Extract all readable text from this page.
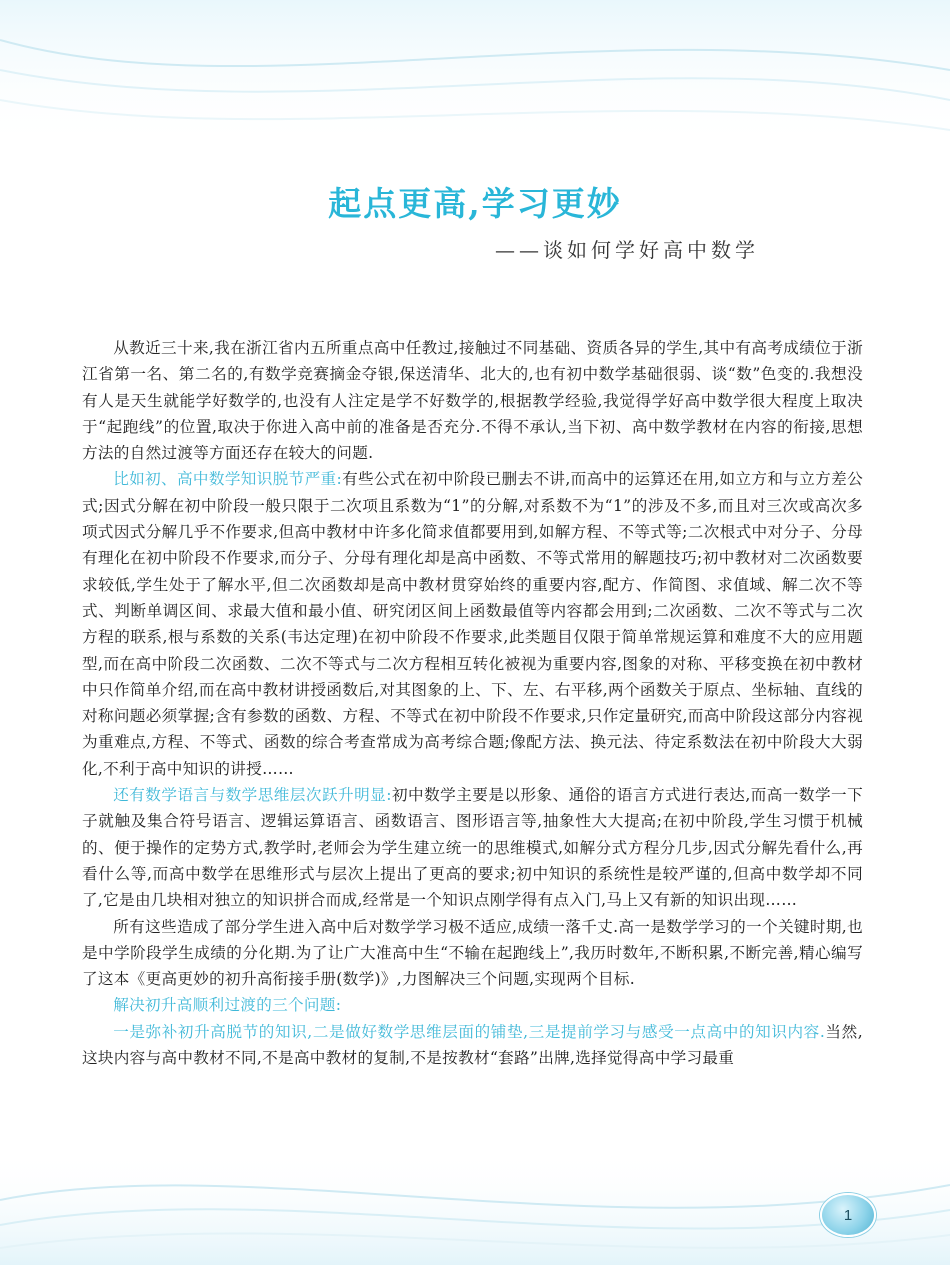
起点更高,学习更妙
——谈如何学好高中数学

从教近三十来,我在浙江省内五所重点高中任教过,接触过不同基础、资质各异的学生,其中有高考成绩位于浙江省第一名、第二名的,有数学竞赛摘金夺银,保送清华、北大的,也有初中数学基础很弱、谈“数”色变的.我想没有人是天生就能学好数学的,也没有人注定是学不好数学的,根据教学经验,我觉得学好高中数学很大程度上取决于“起跑线”的位置,取决于你进入高中前的准备是否充分.不得不承认,当下初、高中数学教材在内容的衔接,思想方法的自然过渡等方面还存在较大的问题.

比如初、高中数学知识脱节严重:有些公式在初中阶段已删去不讲,而高中的运算还在用,如立方和与立方差公式;因式分解在初中阶段一般只限于二次项且系数为“1”的分解,对系数不为“1”的涉及不多,而且对三次或高次多项式因式分解几乎不作要求,但高中教材中许多化简求值都要用到,如解方程、不等式等;二次根式中对分子、分母有理化在初中阶段不作要求,而分子、分母有理化却是高中函数、不等式常用的解题技巧;初中教材对二次函数要求较低,学生处于了解水平,但二次函数却是高中教材贯穿始终的重要内容,配方、作简图、求值域、解二次不等式、判断单调区间、求最大值和最小值、研究闭区间上函数最值等内容都会用到;二次函数、二次不等式与二次方程的联系,根与系数的关系(韦达定理)在初中阶段不作要求,此类题目仅限于简单常规运算和难度不大的应用题型,而在高中阶段二次函数、二次不等式与二次方程相互转化被视为重要内容,图象的对称、平移变换在初中教材中只作简单介绍,而在高中教材讲授函数后,对其图象的上、下、左、右平移,两个函数关于原点、坐标轴、直线的对称问题必须掌握;含有参数的函数、方程、不等式在初中阶段不作要求,只作定量研究,而高中阶段这部分内容视为重难点,方程、不等式、函数的综合考查常成为高考综合题;像配方法、换元法、待定系数法在初中阶段大大弱化,不利于高中知识的讲授……

还有数学语言与数学思维层次跃升明显:初中数学主要是以形象、通俗的语言方式进行表达,而高一数学一下子就触及集合符号语言、逻辑运算语言、函数语言、图形语言等,抽象性大大提高;在初中阶段,学生习惯于机械的、便于操作的定势方式,教学时,老师会为学生建立统一的思维模式,如解分式方程分几步,因式分解先看什么,再看什么等,而高中数学在思维形式与层次上提出了更高的要求;初中知识的系统性是较严谨的,但高中数学却不同了,它是由几块相对独立的知识拼合而成,经常是一个知识点刚学得有点入门,马上又有新的知识出现……

所有这些造成了部分学生进入高中后对数学学习极不适应,成绩一落千丈.高一是数学学习的一个关键时期,也是中学阶段学生成绩的分化期.为了让广大准高中生“不输在起跑线上”,我历时数年,不断积累,不断完善,精心编写了这本《更高更妙的初升高衔接手册(数学)》,力图解决三个问题,实现两个目标.

解决初升高顺利过渡的三个问题:

一是弥补初升高脱节的知识,二是做好数学思维层面的铺垫,三是提前学习与感受一点高中的知识内容.当然,这块内容与高中教材不同,不是高中教材的复制,不是按教材“套路”出牌,选择觉得高中学习最重

1
